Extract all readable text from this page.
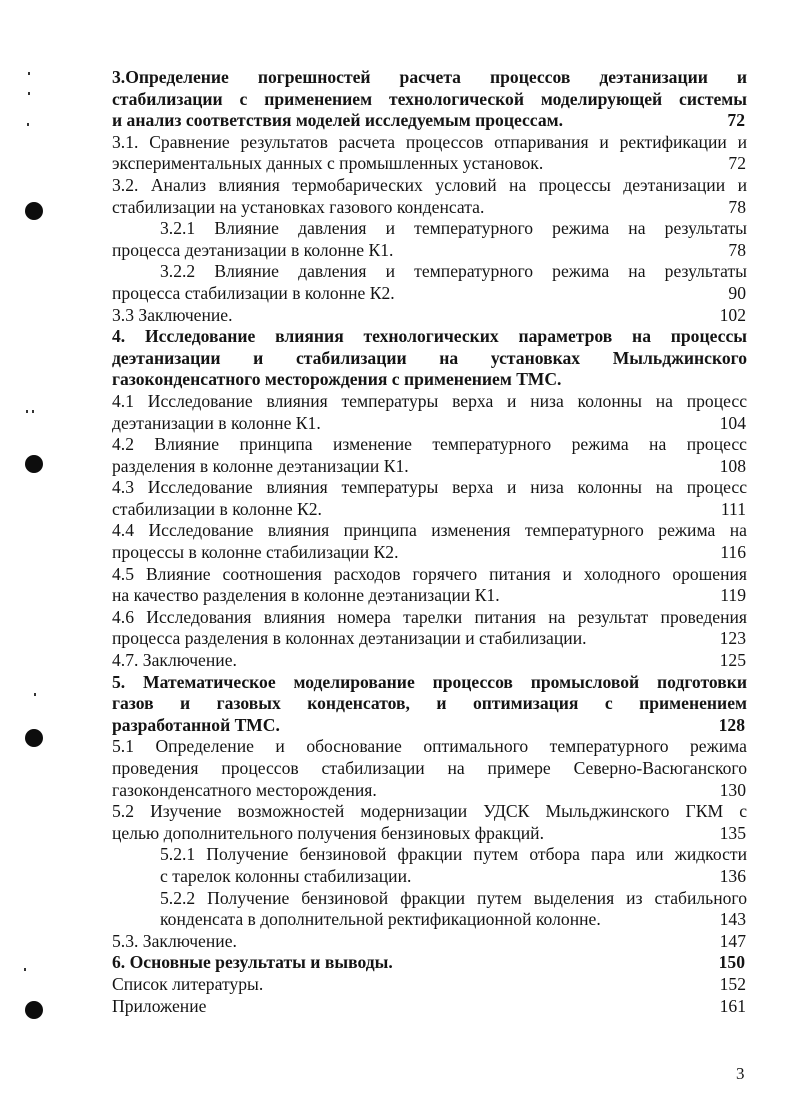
3.Определение погрешностей расчета процессов деэтанизации и
стабилизации с применением технологической моделирующей системы
и анализ соответствия моделей исследуемым процессам.	72
3.1. Сравнение результатов расчета процессов отпаривания и ректификации и
экспериментальных данных с промышленных установок.	72
3.2. Анализ влияния термобарических условий на процессы деэтанизации и
стабилизации на установках газового конденсата.	78
3.2.1 Влияние давления и температурного режима на результаты
процесса деэтанизации в колонне К1.	78
3.2.2 Влияние давления и температурного режима на результаты
процесса стабилизации в колонне К2.	90
3.3 Заключение.	102
4. Исследование влияния технологических параметров на процессы
деэтанизации и стабилизации на установках Мыльджинского
газоконденсатного месторождения с применением ТМС.
4.1 Исследование влияния температуры верха и низа колонны на процесс
деэтанизации в колонне К1.	104
4.2 Влияние принципа изменение температурного режима на процесс
разделения в колонне деэтанизации К1.	108
4.3 Исследование влияния температуры верха и низа колонны на процесс
стабилизации в колонне К2.	111
4.4 Исследование влияния принципа изменения температурного режима на
процессы в колонне стабилизации К2.	116
4.5 Влияние соотношения расходов горячего питания и холодного орошения
на качество разделения в колонне деэтанизации К1.	119
4.6 Исследования влияния номера тарелки питания на результат проведения
процесса разделения в колоннах деэтанизации и стабилизации.	123
4.7. Заключение.	125
5. Математическое моделирование процессов промысловой подготовки
газов и газовых конденсатов, и оптимизация с применением
разработанной ТМС.	128
5.1 Определение и обоснование оптимального температурного режима
проведения процессов стабилизации на примере Северно-Васюганского
газоконденсатного месторождения.	130
5.2 Изучение возможностей модернизации УДСК Мыльджинского ГКМ с
целью дополнительного получения бензиновых фракций.	135
5.2.1 Получение бензиновой фракции путем отбора пара или жидкости
с тарелок колонны стабилизации.	136
5.2.2 Получение бензиновой фракции путем выделения из стабильного
конденсата в дополнительной ректификационной колонне.	143
5.3. Заключение.	147
6. Основные результаты и выводы.	150
Список литературы.	152
Приложение	161
3
